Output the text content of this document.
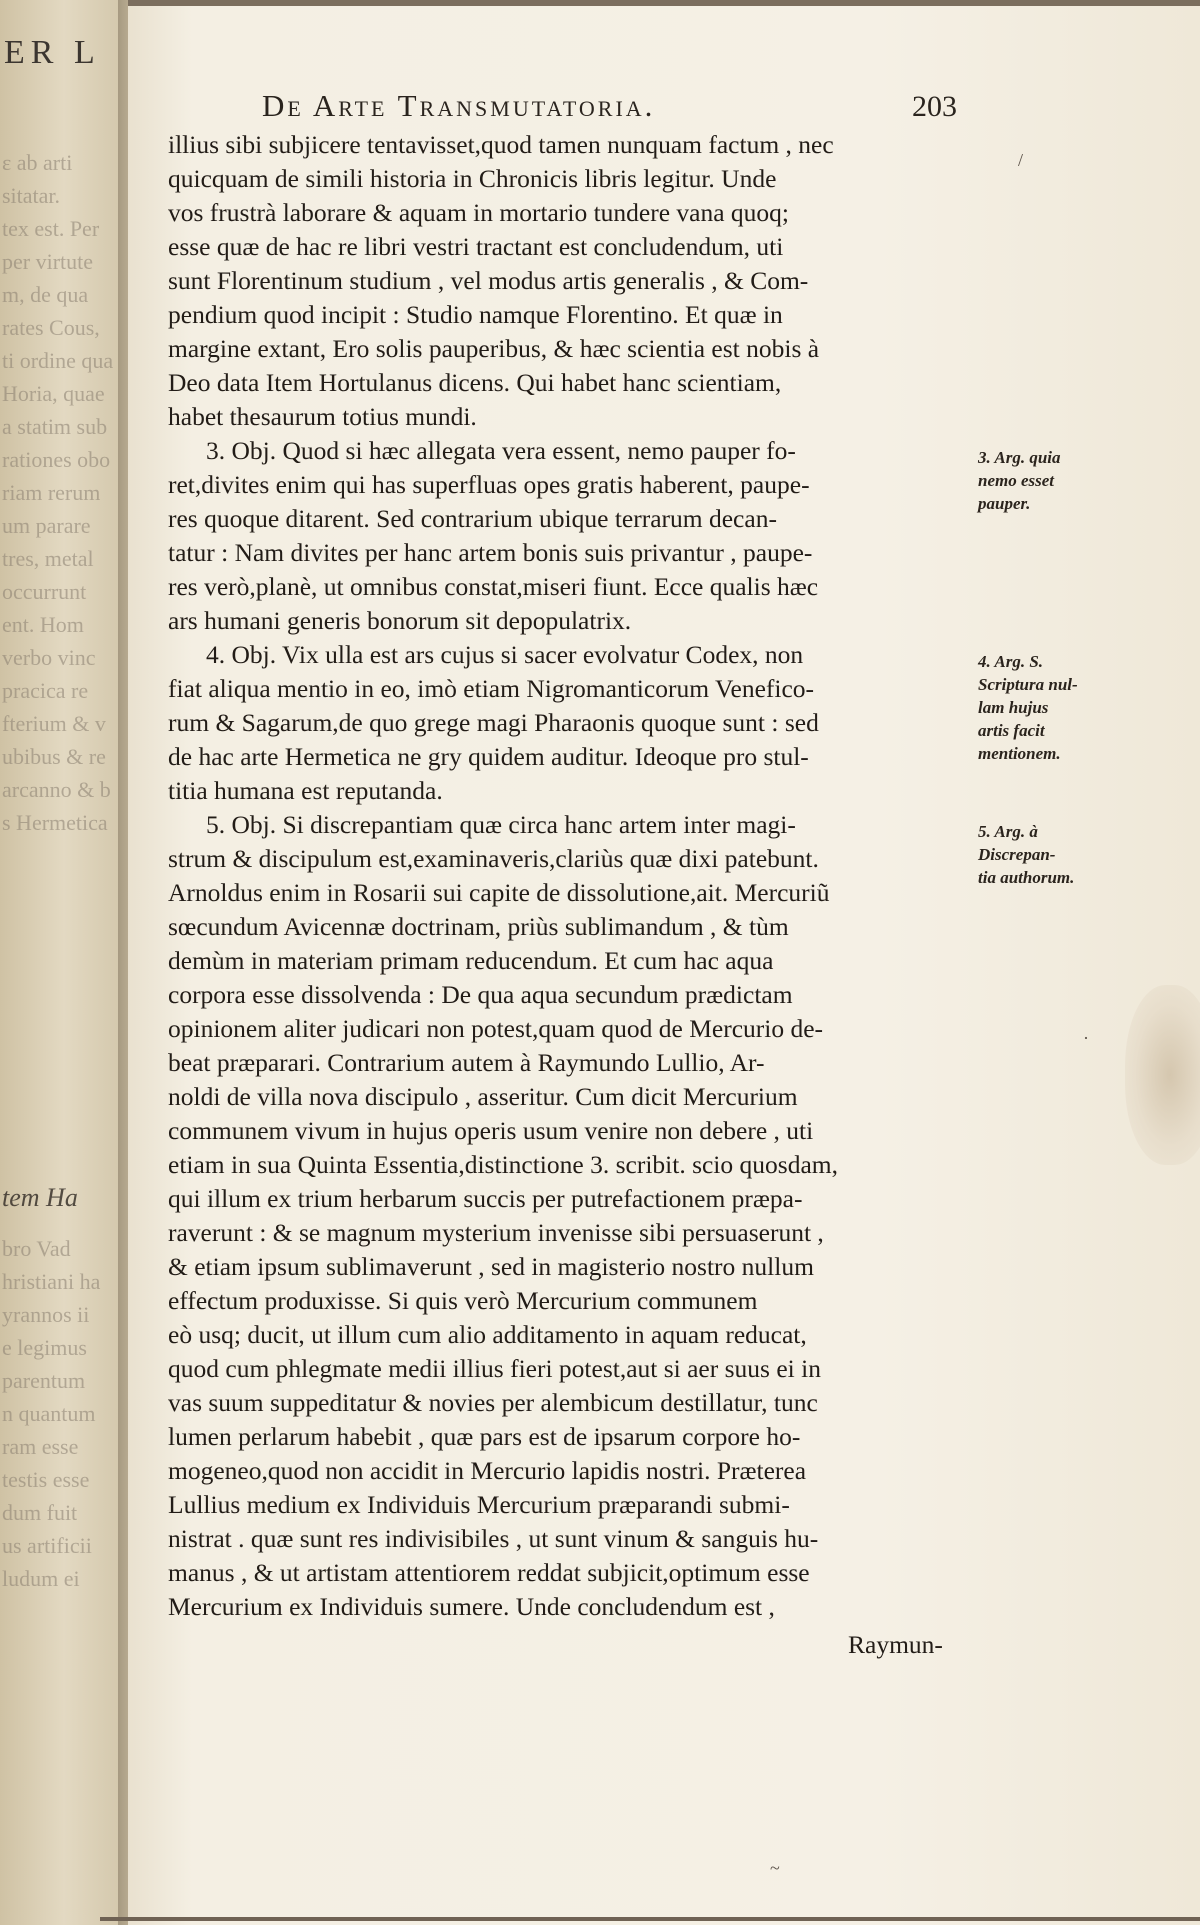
ER L
ε ab arti
sitatar.
tex est. Per
per virtute
m, de qua
rates Cous,
ti ordine qua
Horia, quae
a statim sub
rationes obo
riam rerum
um parare
tres, metal
occurrunt
ent. Hom
verbo vinc
pracica re
fterium & v
ubibus & re
arcanno & b
s Hermetica
tem Ha
bro Vad
hristiani ha
yrannos ii
e legimus
parentum
n quantum
ram esse
testis esse
dum fuit
us artificii
ludum ei
De Arte Transmutatoria.	203
illius sibi subjicere tentavisset,quod tamen nunquam factum , nec
quicquam de simili historia in Chronicis libris legitur. Unde
vos frustrà laborare & aquam in mortario tundere vana quoq;
esse quæ de hac re libri vestri tractant est concludendum, uti
sunt Florentinum studium , vel modus artis generalis , & Com-
pendium quod incipit : Studio namque Florentino. Et quæ in
margine extant, Ero solis pauperibus, & hæc scientia est nobis à
Deo data Item Hortulanus dicens. Qui habet hanc scientiam,
habet thesaurum totius mundi.
3. Obj. Quod si hæc allegata vera essent, nemo pauper fo-
ret,divites enim qui has superfluas opes gratis haberent, paupe-
res quoque ditarent. Sed contrarium ubique terrarum decan-
tatur : Nam divites per hanc artem bonis suis privantur , paupe-
res verò,planè, ut omnibus constat,miseri fiunt. Ecce qualis hæc
ars humani generis bonorum sit depopulatrix.
4. Obj. Vix ulla est ars cujus si sacer evolvatur Codex, non
fiat aliqua mentio in eo, imò etiam Nigromanticorum Venefico-
rum & Sagarum,de quo grege magi Pharaonis quoque sunt : sed
de hac arte Hermetica ne gry quidem auditur. Ideoque pro stul-
titia humana est reputanda.
5. Obj. Si discrepantiam quæ circa hanc artem inter magi-
strum & discipulum est,examinaveris,clariùs quæ dixi patebunt.
Arnoldus enim in Rosarii sui capite de dissolutione,ait. Mercuriũ
sœcundum Avicennæ doctrinam, priùs sublimandum , & tùm
demùm in materiam primam reducendum. Et cum hac aqua
corpora esse dissolvenda : De qua aqua secundum prædictam
opinionem aliter judicari non potest,quam quod de Mercurio de-
beat præparari. Contrarium autem à Raymundo Lullio, Ar-
noldi de villa nova discipulo , asseritur. Cum dicit Mercurium
communem vivum in hujus operis usum venire non debere , uti
etiam in sua Quinta Essentia,distinctione 3. scribit. scio quosdam,
qui illum ex trium herbarum succis per putrefactionem præpa-
raverunt : & se magnum mysterium invenisse sibi persuaserunt ,
& etiam ipsum sublimaverunt , sed in magisterio nostro nullum
effectum produxisse. Si quis verò Mercurium communem
eò usq; ducit, ut illum cum alio additamento in aquam reducat,
quod cum phlegmate medii illius fieri potest,aut si aer suus ei in
vas suum suppeditatur & novies per alembicum destillatur, tunc
lumen perlarum habebit , quæ pars est de ipsarum corpore ho-
mogeneo,quod non accidit in Mercurio lapidis nostri. Præterea
Lullius medium ex Individuis Mercurium præparandi submi-
nistrat . quæ sunt res indivisibiles , ut sunt vinum & sanguis hu-
manus , & ut artistam attentiorem reddat subjicit,optimum esse
Mercurium ex Individuis sumere. Unde concludendum est ,
Raymun-
3. Arg. quia
nemo esset
pauper.
4. Arg. S.
Scriptura nul-
lam hujus
artis facit
mentionem.
5. Arg. à
Discrepan-
tia authorum.
/
·
~
